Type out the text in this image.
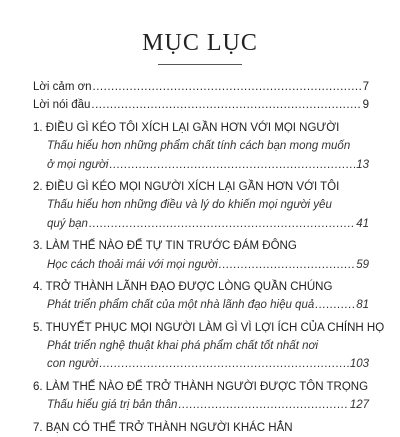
MỤC LỤC
Lời cảm ơn .....	7
Lời nói đầu .....	9
1. ĐIỀU GÌ KÉO TÔI XÍCH LẠI GẦN HƠN VỚI MỌI NGƯỜI
Thấu hiểu hơn những phẩm chất tính cách bạn mong muốn
ở mọi người .....	13
2. ĐIỀU GÌ KÉO MỌI NGƯỜI XÍCH LẠI GẦN HƠN VỚI TÔI
Thấu hiểu hơn những điều và lý do khiến mọi người yêu
quý bạn .....	41
3. LÀM THẾ NÀO ĐỂ TỰ TIN TRƯỚC ĐÁM ĐÔNG
Học cách thoải mái với mọi người .....	59
4. TRỞ THÀNH LÃNH ĐẠO ĐƯỢC LÒNG QUẦN CHÚNG
Phát triển phẩm chất của một nhà lãnh đạo hiệu quả .....	81
5. THUYẾT PHỤC MỌI NGƯỜI LÀM GÌ VÌ LỢI ÍCH CỦA CHÍNH HỌ
Phát triển nghệ thuật khai phá phẩm chất tốt nhất nơi
con người .....	103
6. LÀM THẾ NÀO ĐỂ TRỞ THÀNH NGƯỜI ĐƯỢC TÔN TRỌNG
Thấu hiểu giá trị bản thân .....	127
7. BẠN CÓ THỂ TRỞ THÀNH NGƯỜI KHÁC HẲN
